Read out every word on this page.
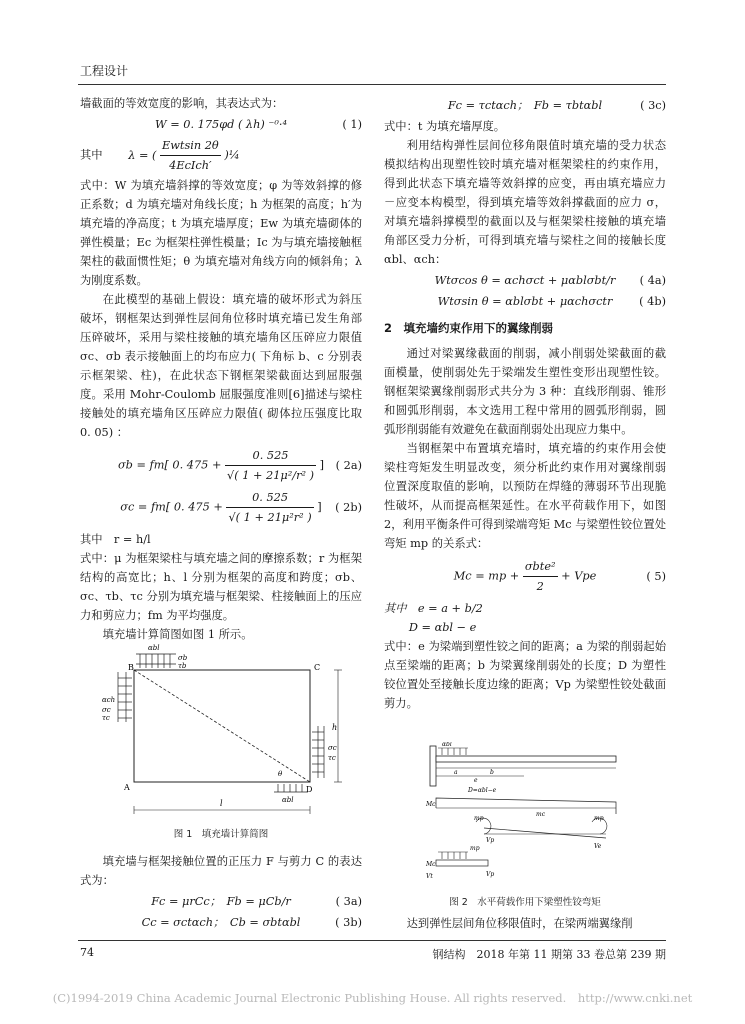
工程设计

墙截面的等效宽度的影响，其表达式为：

W = 0. 175φd ( λh) ⁻⁰·⁴	( 1)
其中 λ = ( $\frac{\text{Ewtsin 2θ}}{\text{4EcIch′}}$ )¼

式中：W 为填充墙斜撑的等效宽度；φ 为等效斜撑的修正系数；d 为填充墙对角线长度；h 为框架的高度；h′为填充墙的净高度；t 为填充墙厚度；Ew 为填充墙砌体的弹性模量；Ec 为框架柱弹性模量；Ic 为与填充墙接触框架柱的截面惯性矩；θ 为填充墙对角线方向的倾斜角；λ 为刚度系数。

在此模型的基础上假设：填充墙的破坏形式为斜压破坏，钢框架达到弹性层间角位移时填充墙已发生角部压碎破坏，采用与梁柱接触的填充墙角区压碎应力限值 σc、σb 表示接触面上的均布应力( 下角标 b、c 分别表示框架梁、柱)，在此状态下钢框架梁截面达到屈服强度。采用 Mohr-Coulomb 屈服强度准则[6]描述与梁柱接触处的填充墙角区压碎应力限值( 砌体拉压强度比取 0. 05) ：

σb = fm[ 0. $475 + \frac{0. 525}{\text{√( 1 + 21μ²/r² )}}$ ] ( 2a)
σc = fm[ 0. $475 + \frac{0. 525}{\text{√( 1 + 21μ²r² )}}$ ] ( 2b)

其中　r = h/l

式中：μ 为框架梁柱与填充墙之间的摩擦系数；r 为框架结构的高宽比；h、l 分别为框架的高度和跨度；σb、σc、τb、τc 分别为填充墙与框架梁、柱接触面上的压应力和剪应力；fm 为平均强度。

填充墙计算简图如图 1 所示。

B	C
A	D
αbl
σb
τb
αch
σc
τc
σc
τc
θ
αbl
l
h
图 1　填充墙计算简图

填充墙与框架接触位置的正压力 F 与剪力 C 的表达式为：

Fc = μrCc；　Fb = μCb/r	( 3a)
Cc = σctαch；　Cb = σbtαbl	( 3b)
Fc = τctαch；　Fb = τbtαbl	( 3c)

式中：t 为填充墙厚度。

利用结构弹性层间位移角限值时填充墙的受力状态模拟结构出现塑性铰时填充墙对框架梁柱的约束作用，得到此状态下填充墙等效斜撑的应变，再由填充墙应力－应变本构模型，得到填充墙等效斜撑截面的应力 σ，对填充墙斜撑模型的截面以及与框架梁柱接触的填充墙角部区受力分析，可得到填充墙与梁柱之间的接触长度 αbl、αch：

Wtσcos θ = αchσct + μαblσbt/r ( 4a)
Wtσsin θ = αblσbt + μαchσctr ( 4b)
2　填充墙约束作用下的翼缘削弱

通过对梁翼缘截面的削弱，减小削弱处梁截面的截面模量，使削弱处先于梁端发生塑性变形出现塑性铰。钢框架梁翼缘削弱形式共分为 3 种：直线形削弱、锥形和圆弧形削弱，本文选用工程中常用的圆弧形削弱，圆弧形削弱能有效避免在截面削弱处出现应力集中。

当钢框架中布置填充墙时，填充墙的约束作用会使梁柱弯矩发生明显改变，须分析此约束作用对翼缘削弱位置深度取值的影响，以预防在焊缝的薄弱环节出现脆性破坏，从而提高框架延性。在水平荷载作用下，如图 2，利用平衡条件可得到梁端弯矩 Mc 与梁塑性铰位置处弯矩 mp 的关系式：

Mc = mp + $\frac{\text{σbte²}}{2}$ + Vpe	( 5)

其中　e = a + b/2

D = αbl − e

式中：e 为梁端到塑性铰之间的距离；a 为梁的削弱起始点至梁端的距离；b 为梁翼缘削弱处的长度；D 为塑性铰位置处至接触长度边缘的距离；Vp 为梁塑性铰处截面剪力。

αbl
a	b
e
D=αbl−e
Mc
mc
mp	mp
Vp
Ve
Mc
Vt
mp
Vp
图 2　水平荷载作用下梁塑性铰弯矩

达到弹性层间角位移限值时，在梁两端翼缘削

74	钢结构　2018 年第 11 期第 33 卷总第 239 期
(C)1994-2019 China Academic Journal Electronic Publishing House. All rights reserved.　http://www.cnki.net
